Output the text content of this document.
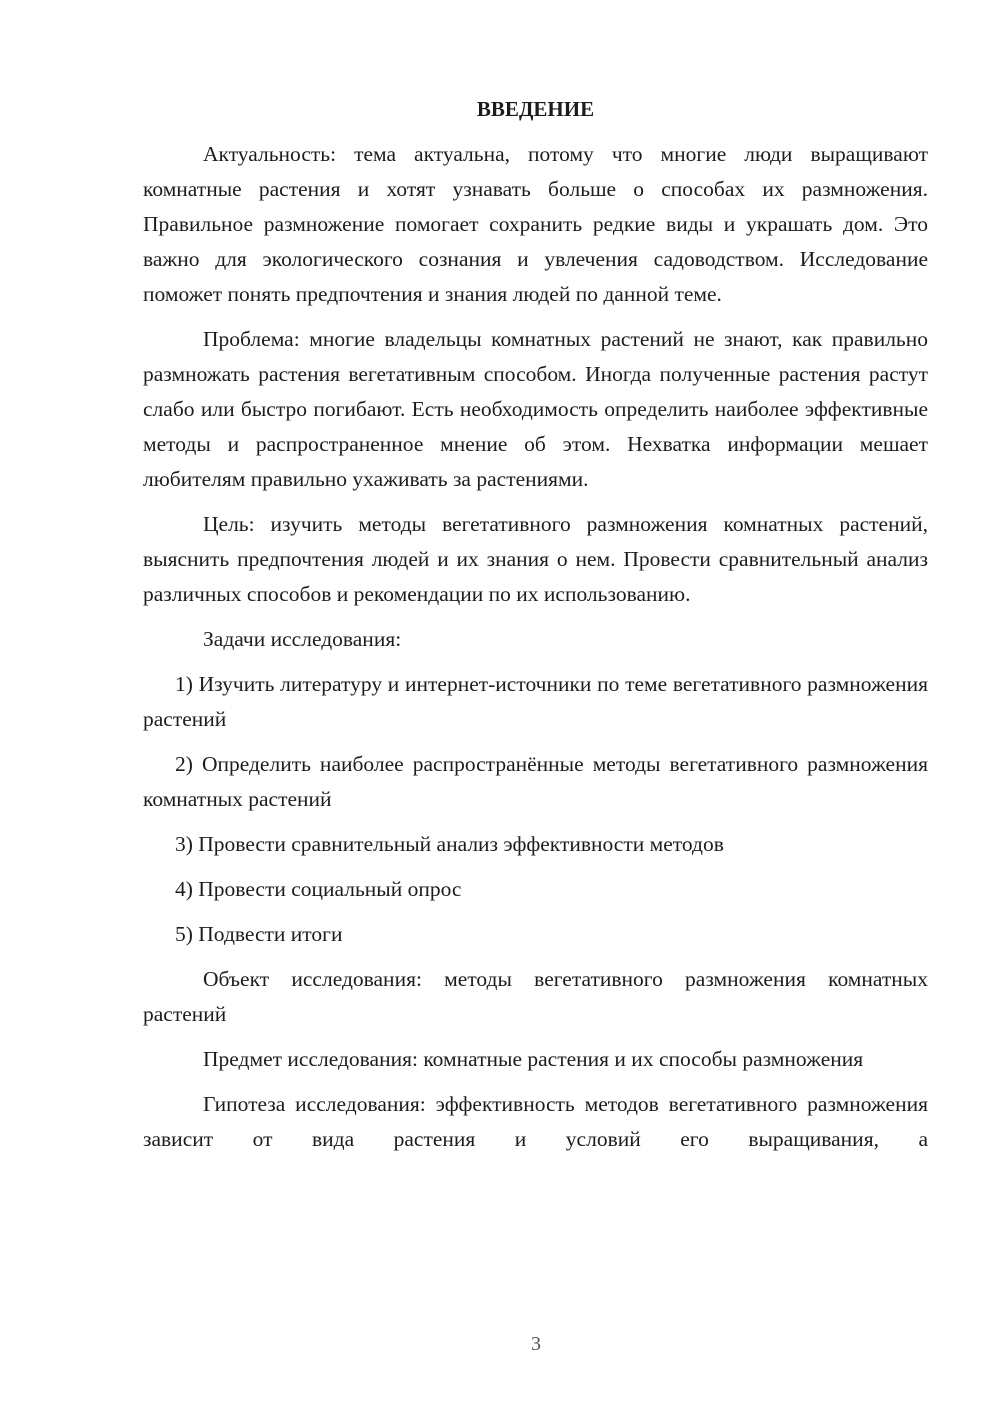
ВВЕДЕНИЕ

Актуальность: тема актуальна, потому что многие люди выращивают комнатные растения и хотят узнавать больше о способах их размножения. Правильное размножение помогает сохранить редкие виды и украшать дом. Это важно для экологического сознания и увлечения садоводством. Исследование поможет понять предпочтения и знания людей по данной теме.

Проблема: многие владельцы комнатных растений не знают, как правильно размножать растения вегетативным способом. Иногда полученные растения растут слабо или быстро погибают. Есть необходимость определить наиболее эффективные методы и распространенное мнение об этом. Нехватка информации мешает любителям правильно ухаживать за растениями.

Цель: изучить методы вегетативного размножения комнатных растений, выяснить предпочтения людей и их знания о нем. Провести сравнительный анализ различных способов и рекомендации по их использованию.

Задачи исследования:

1) Изучить литературу и интернет-источники по теме вегетативного размножения растений

2) Определить наиболее распространённые методы вегетативного размножения комнатных растений

3) Провести сравнительный анализ эффективности методов

4) Провести социальный опрос

5) Подвести итоги

Объект исследования: методы вегетативного размножения комнатных растений

Предмет исследования: комнатные растения и их способы размножения

Гипотеза исследования: эффективность методов вегетативного размножения зависит от вида растения и условий его выращивания, а

3
